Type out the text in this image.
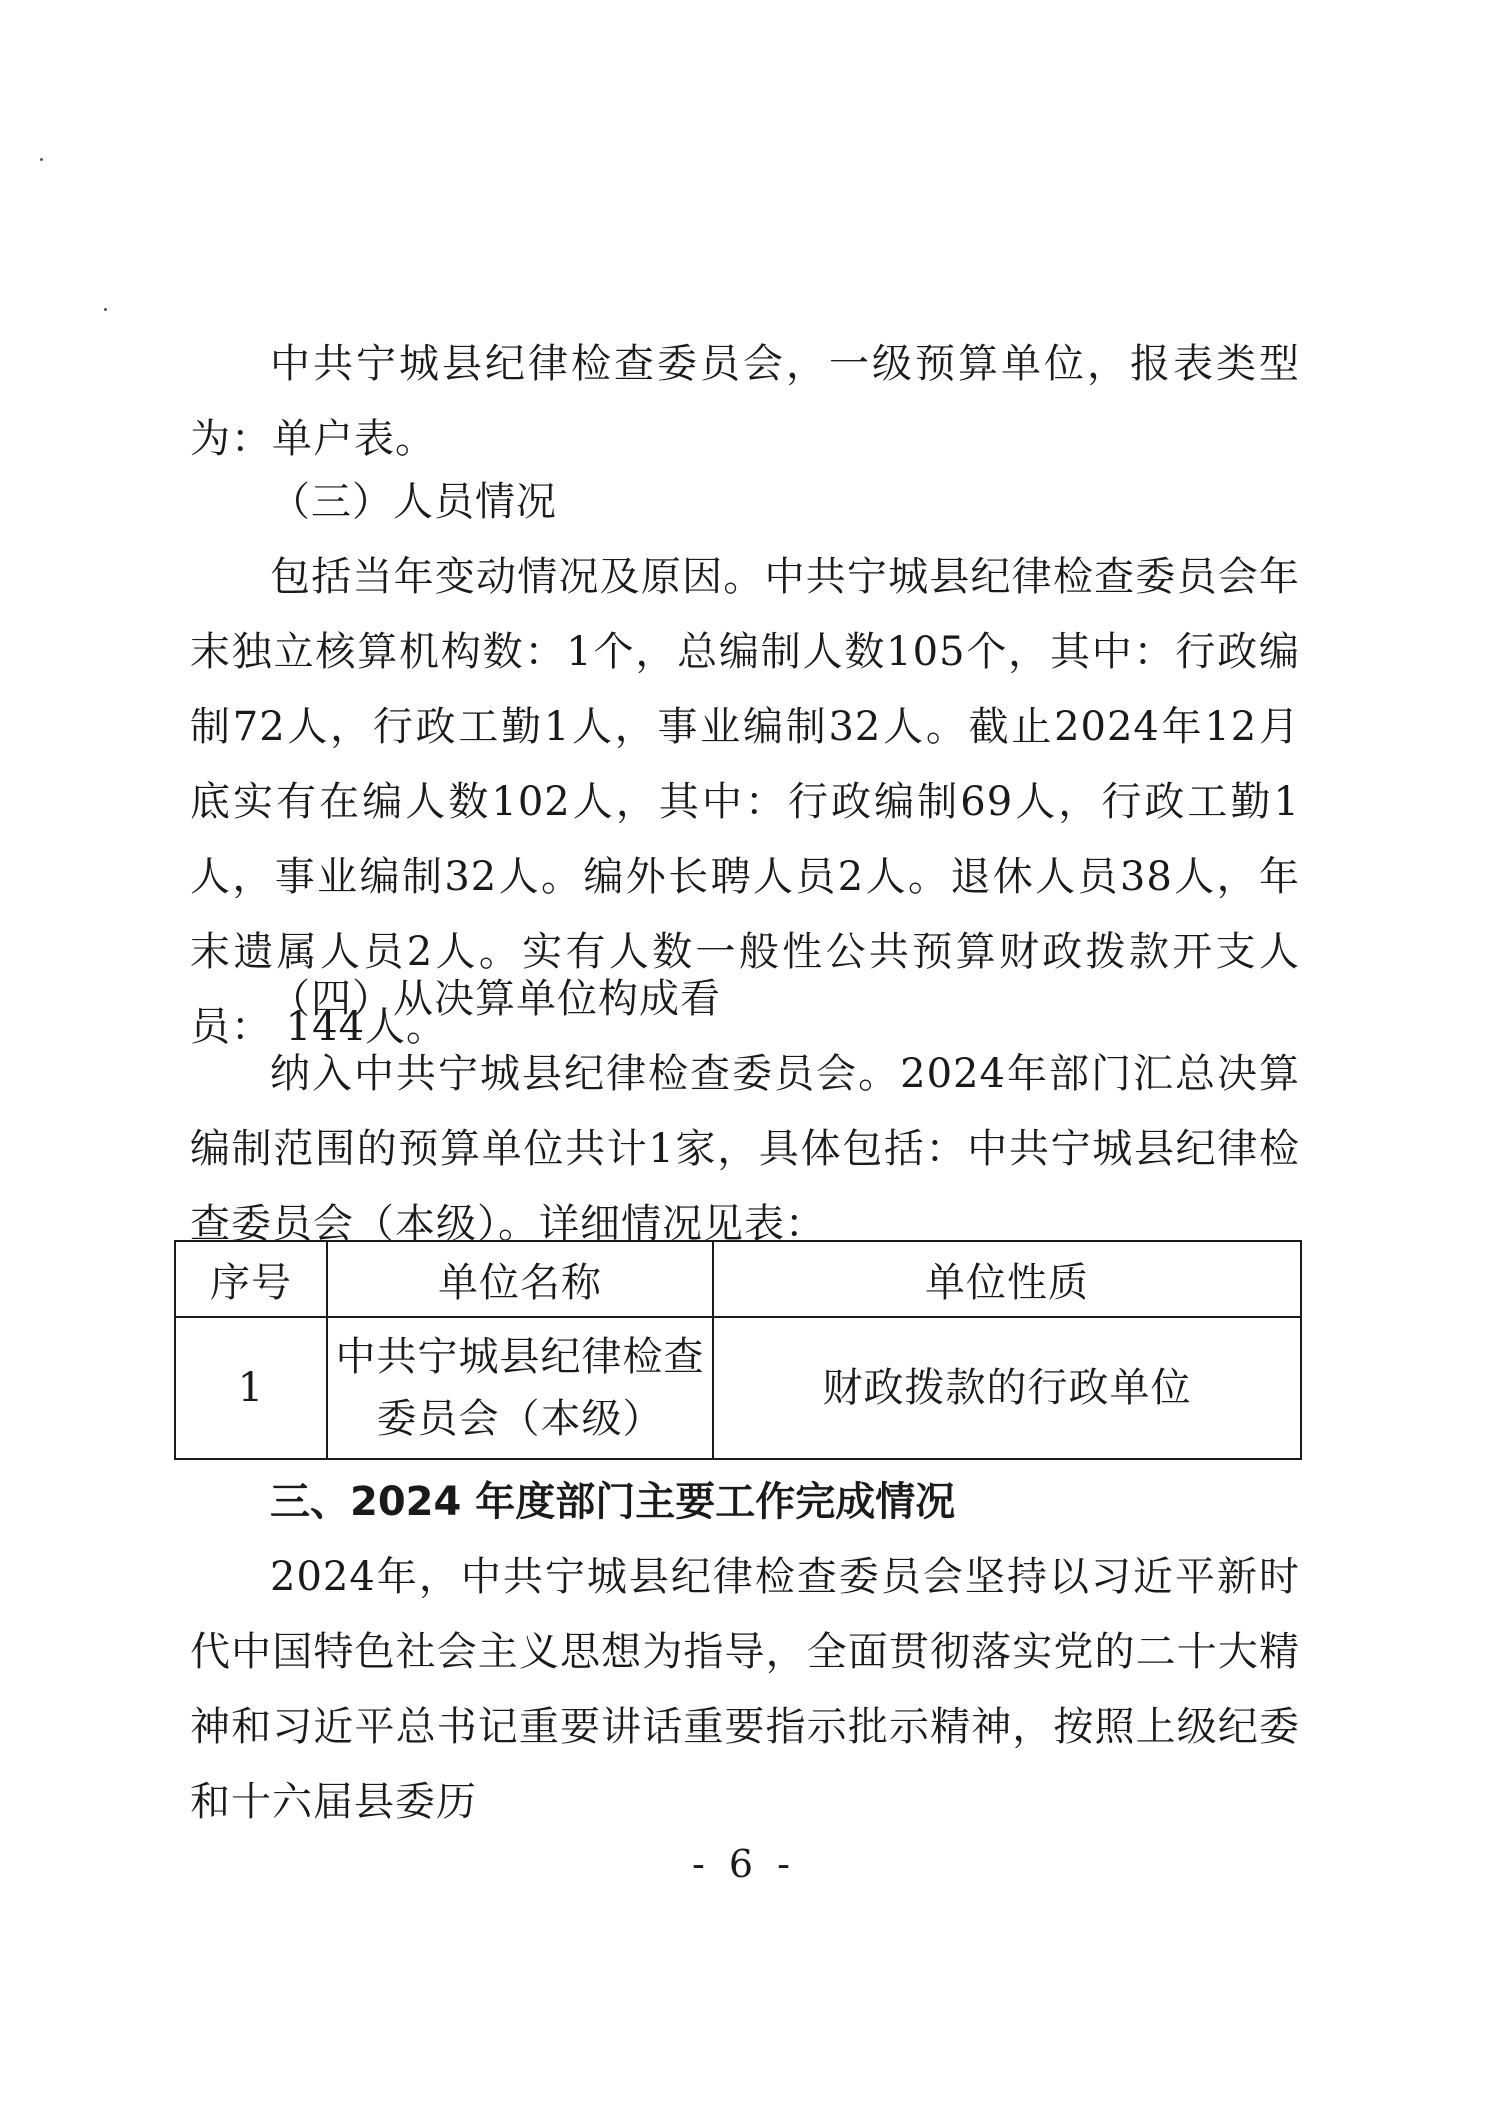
中共宁城县纪律检查委员会，一级预算单位，报表类型为：单户表。

（三）人员情况

包括当年变动情况及原因。中共宁城县纪律检查委员会年末独立核算机构数：1个，总编制人数105个，其中：行政编制72人，行政工勤1人，事业编制32人。截止2024年12月底实有在编人数102人，其中：行政编制69人，行政工勤1人，事业编制32人。编外长聘人员2人。退休人员38人，年末遗属人员2人。实有人数一般性公共预算财政拨款开支人员： 144人。

（四）从决算单位构成看

纳入中共宁城县纪律检查委员会。2024年部门汇总决算编制范围的预算单位共计1家，具体包括：中共宁城县纪律检查委员会（本级）。详细情况见表：

序号	单位名称	单位性质
1	中共宁城县纪律检查
委员会（本级）	财政拨款的行政单位

三、2024 年度部门主要工作完成情况

2024年，中共宁城县纪律检查委员会坚持以习近平新时代中国特色社会主义思想为指导，全面贯彻落实党的二十大精神和习近平总书记重要讲话重要指示批示精神，按照上级纪委和十六届县委历

- 6 -
